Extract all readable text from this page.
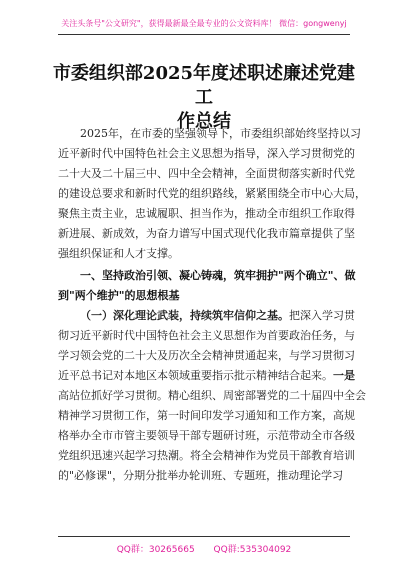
关注头条号"公文研究"，获得最新最全最专业的公文资料库！ 微信：gongwenyj
市委组织部2025年度述职述廉述党建工
作总结
2025年，在市委的坚强领导下，市委组织部始终坚持以习
近平新时代中国特色社会主义思想为指导，深入学习贯彻党的
二十大及二十届三中、四中全会精神，全面贯彻落实新时代党
的建设总要求和新时代党的组织路线，紧紧围绕全市中心大局，
聚焦主责主业，忠诚履职、担当作为，推动全市组织工作取得
新进展、新成效，为奋力谱写中国式现代化我市篇章提供了坚
强组织保证和人才支撑。
一、坚持政治引领、凝心铸魂，筑牢拥护"两个确立"、做
到"两个维护"的思想根基
（一）深化理论武装，持续筑牢信仰之基。把深入学习贯
彻习近平新时代中国特色社会主义思想作为首要政治任务，与
学习领会党的二十大及历次全会精神贯通起来，与学习贯彻习
近平总书记对本地区本领域重要指示批示精神结合起来。一是
高站位抓好学习贯彻。精心组织、周密部署党的二十届四中全会
精神学习贯彻工作，第一时间印发学习通知和工作方案，高规
格举办全市市管主要领导干部专题研讨班，示范带动全市各级
党组织迅速兴起学习热潮。将全会精神作为党员干部教育培训
的"必修课"，分期分批举办轮训班、专题班，推动理论学习
QQ群：30265665 QQ群:535304092
